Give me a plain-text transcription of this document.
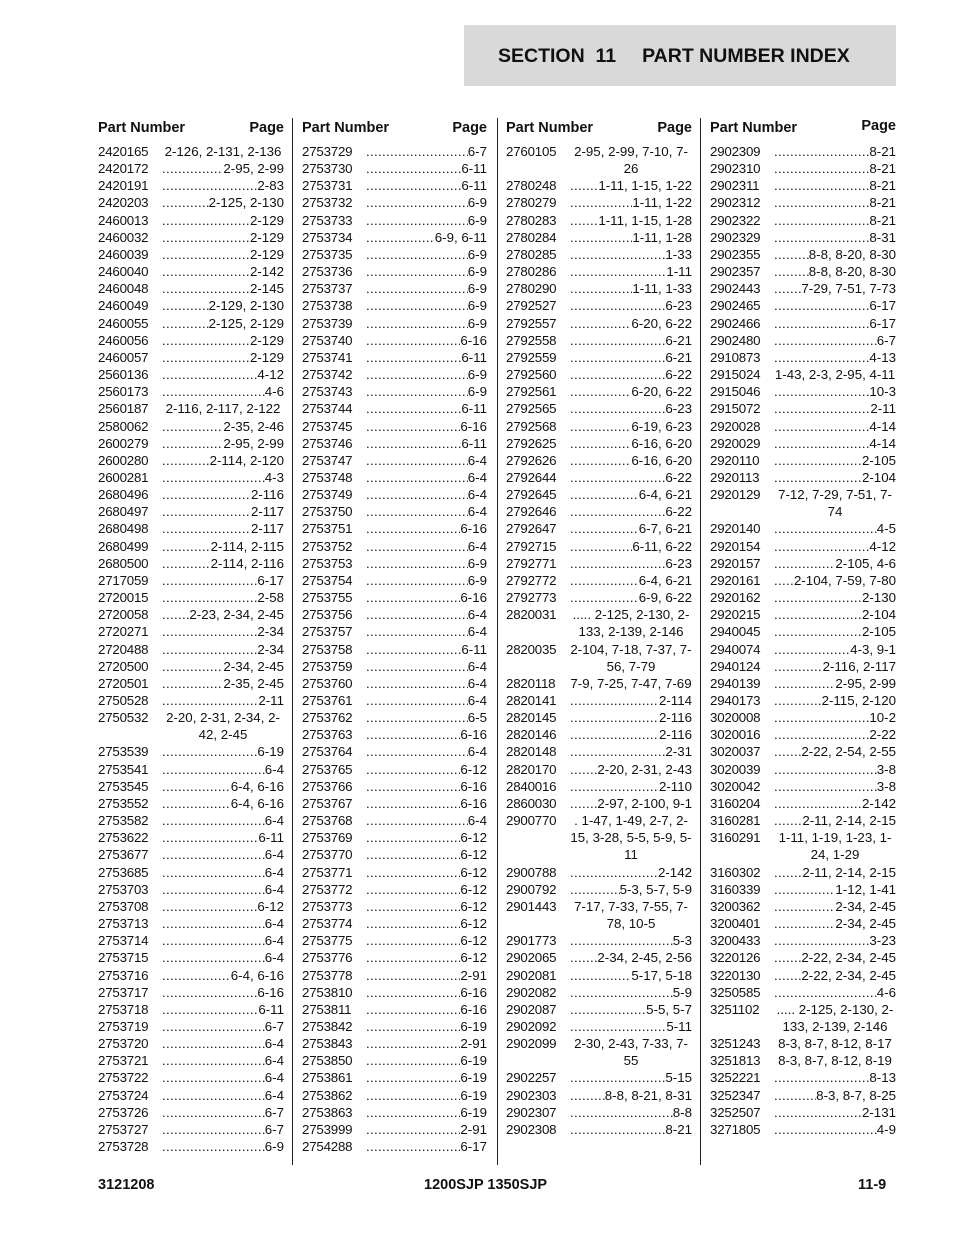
SECTION  11 PART NUMBER INDEX
Part Number	Page
2420165	2-126, 2-131, 2-136
2420172 .....	2-95, 2-99
2420191 .....	2-83
2420203 .....	2-125, 2-130
2460013 .....	2-129
2460032 .....	2-129
2460039 .....	2-129
2460040 .....	2-142
2460048 .....	2-145
2460049 .....	2-129, 2-130
2460055 .....	2-125, 2-129
2460056 .....	2-129
2460057 .....	2-129
2560136 .....	4-12
2560173 .....	4-6
2560187	2-116, 2-117, 2-122
2580062 .....	2-35, 2-46
2600279 .....	2-95, 2-99
2600280 .....	2-114, 2-120
2600281 .....	4-3
2680496 .....	2-116
2680497 .....	2-117
2680498 .....	2-117
2680499 .....	2-114, 2-115
2680500 .....	2-114, 2-116
2717059 .....	6-17
2720015 .....	2-58
2720058 .....	2-23, 2-34, 2-45
2720271 .....	2-34
2720488 .....	2-34
2720500 .....	2-34, 2-45
2720501 .....	2-35, 2-45
2750528 .....	2-11
2750532	2-20, 2-31, 2-34, 2-42, 2-45
2753539 .....	6-19
2753541 .....	6-4
2753545 .....	6-4, 6-16
2753552 .....	6-4, 6-16
2753582 .....	6-4
2753622 .....	6-11
2753677 .....	6-4
2753685 .....	6-4
2753703 .....	6-4
2753708 .....	6-12
2753713 .....	6-4
2753714 .....	6-4
2753715 .....	6-4
2753716 .....	6-4, 6-16
2753717 .....	6-16
2753718 .....	6-11
2753719 .....	6-7
2753720 .....	6-4
2753721 .....	6-4
2753722 .....	6-4
2753724 .....	6-4
2753726 .....	6-7
2753727 .....	6-7
2753728 .....	6-9
Part Number	Page
2753729 .....	6-7
2753730 .....	6-11
2753731 .....	6-11
2753732 .....	6-9
2753733 .....	6-9
2753734 .....	6-9, 6-11
2753735 .....	6-9
2753736 .....	6-9
2753737 .....	6-9
2753738 .....	6-9
2753739 .....	6-9
2753740 .....	6-16
2753741 .....	6-11
2753742 .....	6-9
2753743 .....	6-9
2753744 .....	6-11
2753745 .....	6-16
2753746 .....	6-11
2753747 .....	6-4
2753748 .....	6-4
2753749 .....	6-4
2753750 .....	6-4
2753751 .....	6-16
2753752 .....	6-4
2753753 .....	6-9
2753754 .....	6-9
2753755 .....	6-16
2753756 .....	6-4
2753757 .....	6-4
2753758 .....	6-11
2753759 .....	6-4
2753760 .....	6-4
2753761 .....	6-4
2753762 .....	6-5
2753763 .....	6-16
2753764 .....	6-4
2753765 .....	6-12
2753766 .....	6-16
2753767 .....	6-16
2753768 .....	6-4
2753769 .....	6-12
2753770 .....	6-12
2753771 .....	6-12
2753772 .....	6-12
2753773 .....	6-12
2753774 .....	6-12
2753775 .....	6-12
2753776 .....	6-12
2753778 .....	2-91
2753810 .....	6-16
2753811 .....	6-16
2753842 .....	6-19
2753843 .....	2-91
2753850 .....	6-19
2753861 .....	6-19
2753862 .....	6-19
2753863 .....	6-19
2753999 .....	2-91
2754288 .....	6-17
Part Number	Page
2760105	2-95, 2-99, 7-10, 7-26
2780248 .....	1-11, 1-15, 1-22
2780279 .....	1-11, 1-22
2780283 .....	1-11, 1-15, 1-28
2780284 .....	1-11, 1-28
2780285 .....	1-33
2780286 .....	1-11
2780290 .....	1-11, 1-33
2792527 .....	6-23
2792557 .....	6-20, 6-22
2792558 .....	6-21
2792559 .....	6-21
2792560 .....	6-22
2792561 .....	6-20, 6-22
2792565 .....	6-23
2792568 .....	6-19, 6-23
2792625 .....	6-16, 6-20
2792626 .....	6-16, 6-20
2792644 .....	6-22
2792645 .....	6-4, 6-21
2792646 .....	6-22
2792647 .....	6-7, 6-21
2792715 .....	6-11, 6-22
2792771 .....	6-23
2792772 .....	6-4, 6-21
2792773 .....	6-9, 6-22
2820031	..... 2-125, 2-130, 2-133, 2-139, 2-146
2820035	2-104, 7-18, 7-37, 7-56, 7-79
2820118	7-9, 7-25, 7-47, 7-69
2820141 .....	2-114
2820145 .....	2-116
2820146 .....	2-116
2820148 .....	2-31
2820170 .....	2-20, 2-31, 2-43
2840016 .....	2-110
2860030 .....	2-97, 2-100, 9-1
2900770	. 1-47, 1-49, 2-7, 2-15, 3-28, 5-5, 5-9, 5-11
2900788 .....	2-142
2900792 .....	5-3, 5-7, 5-9
2901443	7-17, 7-33, 7-55, 7-78, 10-5
2901773 .....	5-3
2902065 .....	2-34, 2-45, 2-56
2902081 .....	5-17, 5-18
2902082 .....	5-9
2902087 .....	5-5, 5-7
2902092 .....	5-11
2902099	2-30, 2-43, 7-33, 7-55
2902257 .....	5-15
2902303 .....	8-8, 8-21, 8-31
2902307 .....	8-8
2902308 .....	8-21
Part Number	Page
2902309 .....	8-21
2902310 .....	8-21
2902311 .....	8-21
2902312 .....	8-21
2902322 .....	8-21
2902329 .....	8-31
2902355 .....	8-8, 8-20, 8-30
2902357 .....	8-8, 8-20, 8-30
2902443 .....	7-29, 7-51, 7-73
2902465 .....	6-17
2902466 .....	6-17
2902480 .....	6-7
2910873 .....	4-13
2915024	1-43, 2-3, 2-95, 4-11
2915046 .....	10-3
2915072 .....	2-11
2920028 .....	4-14
2920029 .....	4-14
2920110 .....	2-105
2920113 .....	2-104
2920129	7-12, 7-29, 7-51, 7-74
2920140 .....	4-5
2920154 .....	4-12
2920157 .....	2-105, 4-6
2920161 .....	2-104, 7-59, 7-80
2920162 .....	2-130
2920215 .....	2-104
2940045 .....	2-105
2940074 .....	4-3, 9-1
2940124 .....	2-116, 2-117
2940139 .....	2-95, 2-99
2940173 .....	2-115, 2-120
3020008 .....	10-2
3020016 .....	2-22
3020037 .....	2-22, 2-54, 2-55
3020039 .....	3-8
3020042 .....	3-8
3160204 .....	2-142
3160281 .....	2-11, 2-14, 2-15
3160291	1-11, 1-19, 1-23, 1-24, 1-29
3160302 .....	2-11, 2-14, 2-15
3160339 .....	1-12, 1-41
3200362 .....	2-34, 2-45
3200401 .....	2-34, 2-45
3200433 .....	3-23
3220126 .....	2-22, 2-34, 2-45
3220130 .....	2-22, 2-34, 2-45
3250585 .....	4-6
3251102	..... 2-125, 2-130, 2-133, 2-139, 2-146
3251243	8-3, 8-7, 8-12, 8-17
3251813	8-3, 8-7, 8-12, 8-19
3252221 .....	8-13
3252347 .....	8-3, 8-7, 8-25
3252507 .....	2-131
3271805 .....	4-9
3121208	1200SJP 1350SJP	11-9
